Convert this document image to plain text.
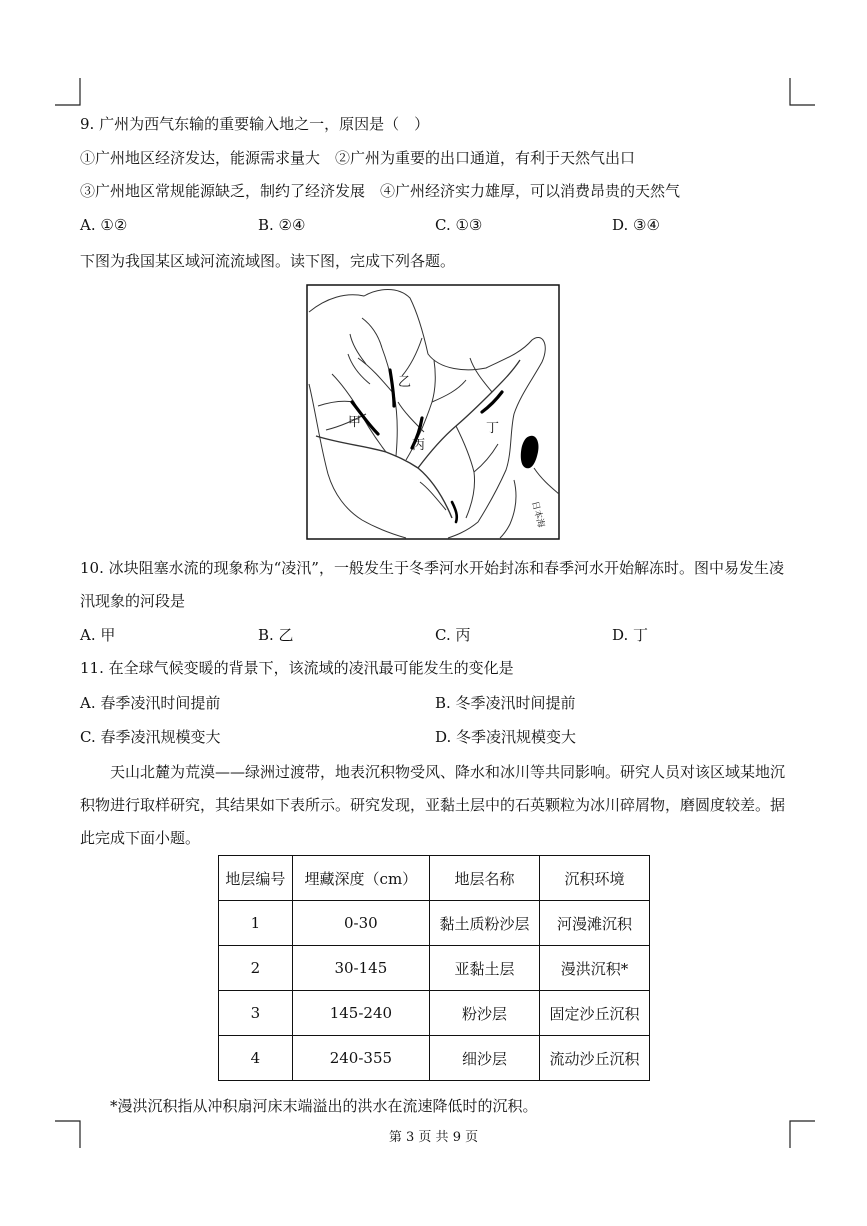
9. 广州为西气东输的重要输入地之一，原因是（　）
①广州地区经济发达，能源需求量大　②广州为重要的出口通道，有利于天然气出口
③广州地区常规能源缺乏，制约了经济发展　④广州经济实力雄厚，可以消费昂贵的天然气
A. ①②	B. ②④	C. ①③	D. ③④
下图为我国某区域河流流域图。读下图，完成下列各题。
甲
乙
丙
丁
日本海
10. 冰块阻塞水流的现象称为“凌汛”，一般发生于冬季河水开始封冻和春季河水开始解冻时。图中易发生凌
汛现象的河段是
A. 甲	B. 乙	C. 丙	D. 丁
11. 在全球气候变暖的背景下，该流域的凌汛最可能发生的变化是
A. 春季凌汛时间提前	B. 冬季凌汛时间提前
C. 春季凌汛规模变大	D. 冬季凌汛规模变大
天山北麓为荒漠——绿洲过渡带，地表沉积物受风、降水和冰川等共同影响。研究人员对该区域某地沉积物进行取样研究，其结果如下表所示。研究发现，亚黏土层中的石英颗粒为冰川碎屑物，磨圆度较差。据此完成下面小题。
地层编号	埋藏深度（cm）	地层名称	沉积环境
1	0-30	黏土质粉沙层	河漫滩沉积
2	30-145	亚黏土层	漫洪沉积*
3	145-240	粉沙层	固定沙丘沉积
4	240-355	细沙层	流动沙丘沉积
*漫洪沉积指从冲积扇河床末端溢出的洪水在流速降低时的沉积。
第 3 页 共 9 页
